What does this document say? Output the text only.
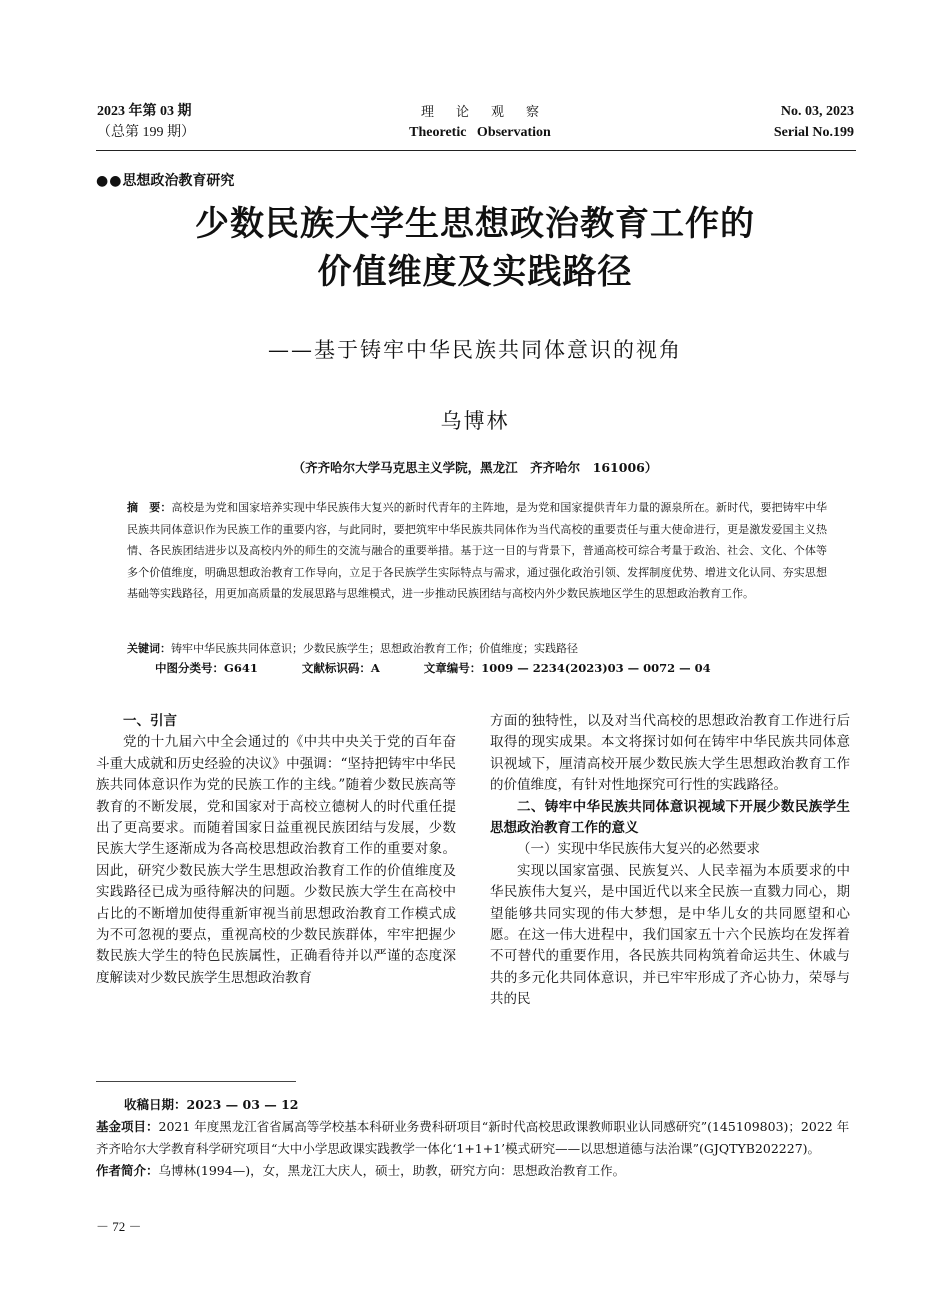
2023 年第 03 期
（总第 199 期）
理论观察
Theoretic   Observation
No. 03, 2023
Serial No.199
●●思想政治教育研究
少数民族大学生思想政治教育工作的
价值维度及实践路径
——基于铸牢中华民族共同体意识的视角
乌博林
（齐齐哈尔大学马克思主义学院，黑龙江　齐齐哈尔　161006）
摘　要：高校是为党和国家培养实现中华民族伟大复兴的新时代青年的主阵地，是为党和国家提供青年力量的源泉所在。新时代，要把铸牢中华民族共同体意识作为民族工作的重要内容，与此同时，要把筑牢中华民族共同体作为当代高校的重要责任与重大使命进行，更是激发爱国主义热情、各民族团结进步以及高校内外的师生的交流与融合的重要举措。基于这一目的与背景下，普通高校可综合考量于政治、社会、文化、个体等多个价值维度，明确思想政治教育工作导向，立足于各民族学生实际特点与需求，通过强化政治引领、发挥制度优势、增进文化认同、夯实思想基础等实践路径，用更加高质量的发展思路与思维模式，进一步推动民族团结与高校内外少数民族地区学生的思想政治教育工作。
关键词：铸牢中华民族共同体意识；少数民族学生；思想政治教育工作；价值维度；实践路径
中图分类号：G641	文献标识码：A	文章编号：1009 — 2234(2023)03 — 0072 — 04

一、引言

党的十九届六中全会通过的《中共中央关于党的百年奋斗重大成就和历史经验的决议》中强调：“坚持把铸牢中华民族共同体意识作为党的民族工作的主线。”随着少数民族高等教育的不断发展，党和国家对于高校立德树人的时代重任提出了更高要求。而随着国家日益重视民族团结与发展，少数民族大学生逐渐成为各高校思想政治教育工作的重要对象。因此，研究少数民族大学生思想政治教育工作的价值维度及实践路径已成为亟待解决的问题。少数民族大学生在高校中占比的不断增加使得重新审视当前思想政治教育工作模式成为不可忽视的要点，重视高校的少数民族群体，牢牢把握少数民族大学生的特色民族属性，正确看待并以严谨的态度深度解读对少数民族学生思想政治教育

方面的独特性，以及对当代高校的思想政治教育工作进行后取得的现实成果。本文将探讨如何在铸牢中华民族共同体意识视域下，厘清高校开展少数民族大学生思想政治教育工作的价值维度，有针对性地探究可行性的实践路径。

二、铸牢中华民族共同体意识视域下开展少数民族学生思想政治教育工作的意义

（一）实现中华民族伟大复兴的必然要求

实现以国家富强、民族复兴、人民幸福为本质要求的中华民族伟大复兴，是中国近代以来全民族一直戮力同心，期望能够共同实现的伟大梦想，是中华儿女的共同愿望和心愿。在这一伟大进程中，我们国家五十六个民族均在发挥着不可替代的重要作用，各民族共同构筑着命运共生、休戚与共的多元化共同体意识，并已牢牢形成了齐心协力，荣辱与共的民

收稿日期：2023 — 03 — 12

基金项目：2021 年度黑龙江省省属高等学校基本科研业务费科研项目“新时代高校思政课教师职业认同感研究”(145109803)；2022 年齐齐哈尔大学教育科学研究项目“大中小学思政课实践教学一体化‘1+1+1’模式研究——以思想道德与法治课”(GJQTYB202227)。

作者简介：乌博林(1994—)，女，黑龙江大庆人，硕士，助教，研究方向：思想政治教育工作。

－ 72 －
